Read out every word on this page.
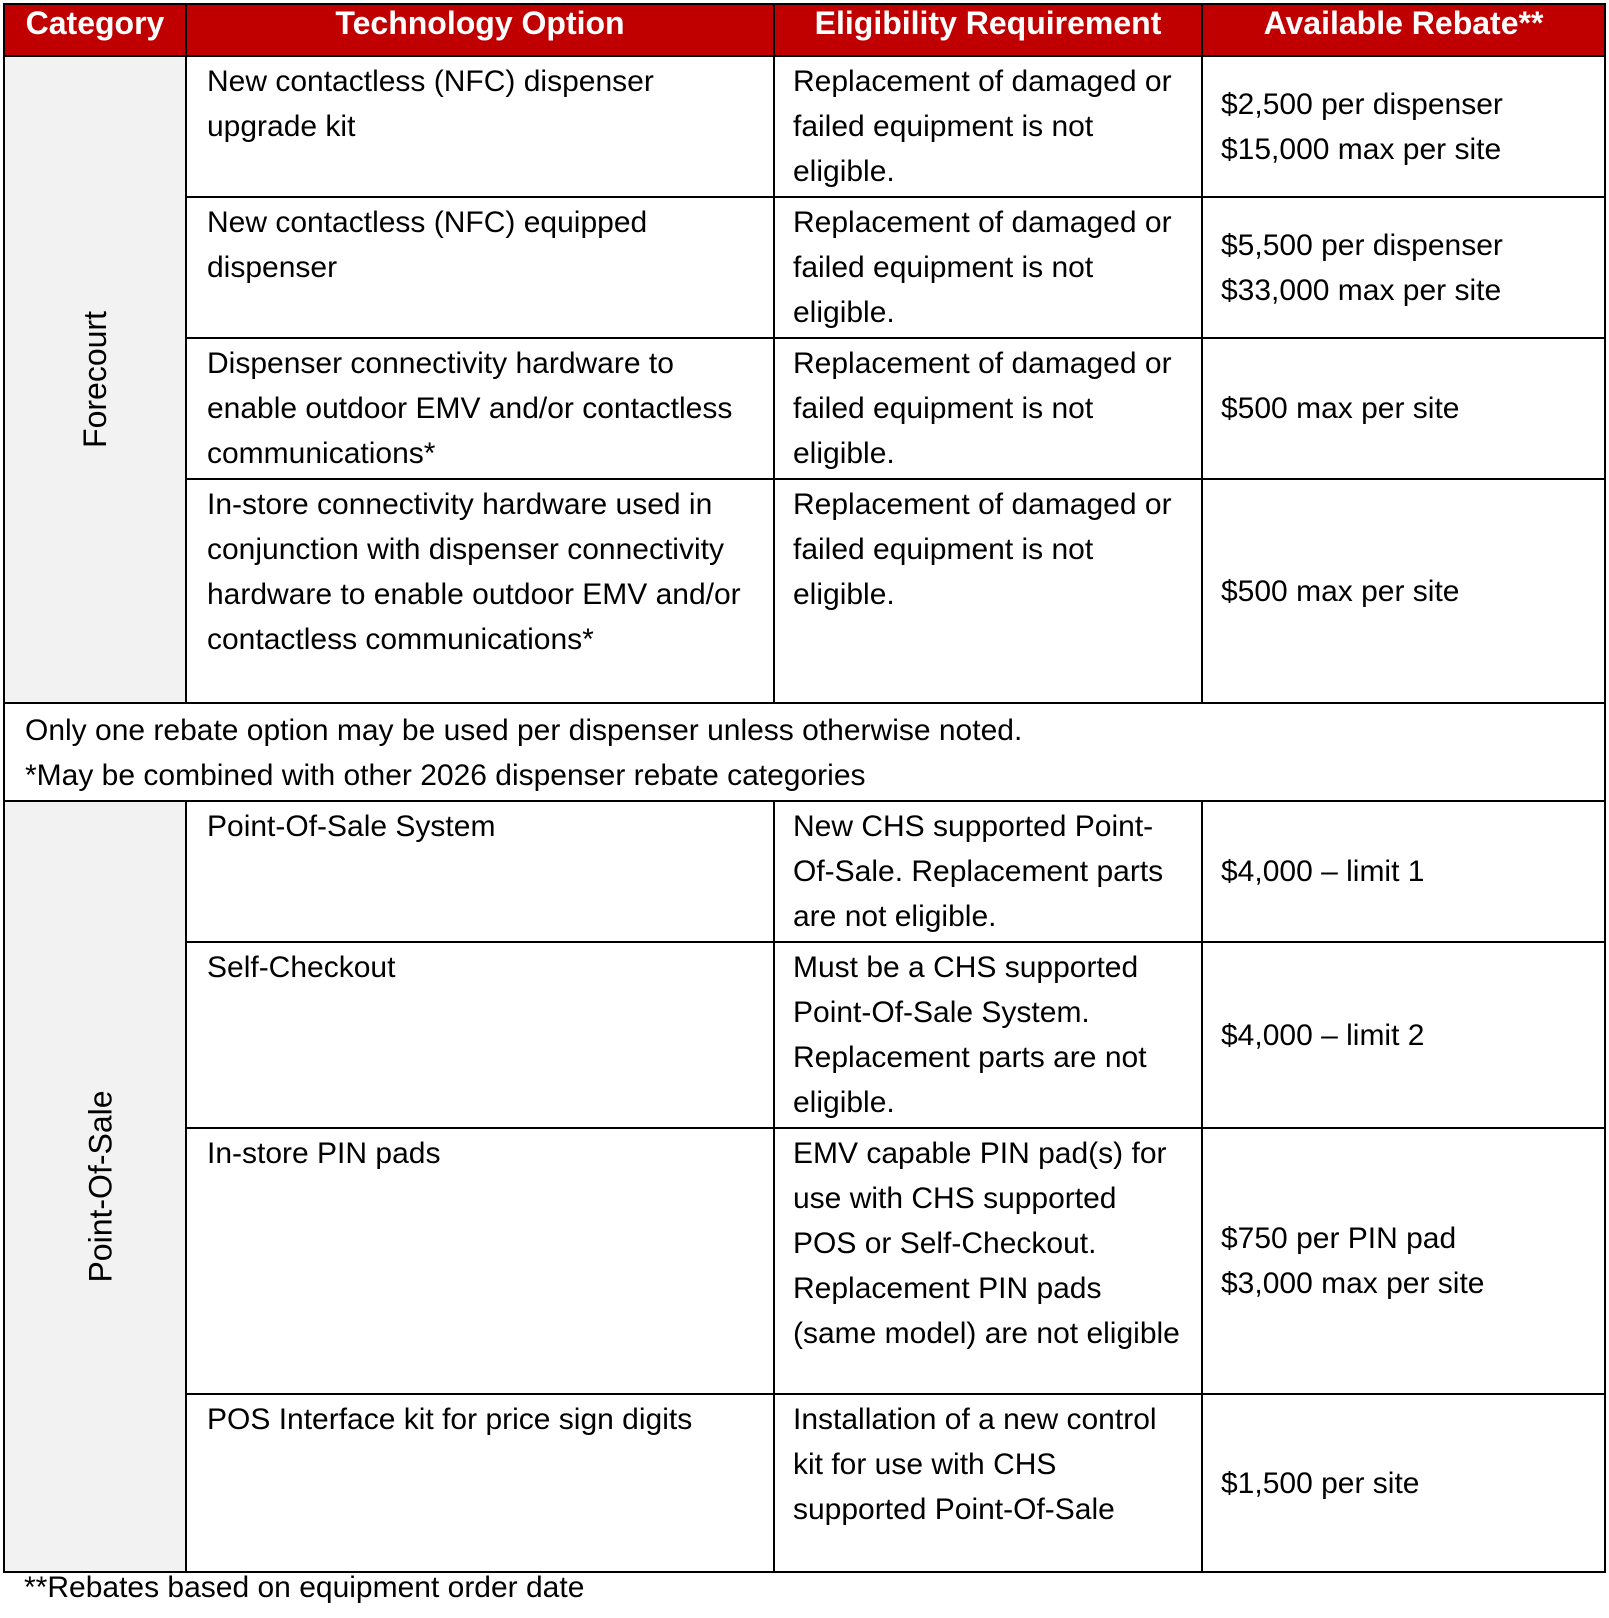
Category	Technology Option	Eligibility Requirement	Available Rebate**
Forecourt	New contactless (NFC) dispenser upgrade kit	Replacement of damaged or failed equipment is not eligible.	$2,500 per dispenser
$15,000 max per site

	New contactless (NFC) equipped dispenser	Replacement of damaged or failed equipment is not eligible.	$5,500 per dispenser
$33,000 max per site

	Dispenser connectivity hardware to enable outdoor EMV and/or contactless communications*	Replacement of damaged or failed equipment is not eligible.	$500 max per site

	In-store connectivity hardware used in conjunction with dispenser connectivity hardware to enable outdoor EMV and/or contactless communications*	Replacement of damaged or failed equipment is not eligible.	$500 max per site

Only one rebate option may be used per dispenser unless otherwise noted.
*May be combined with other 2026 dispenser rebate categories			

Point-Of-Sale	Point-Of-Sale System	New CHS supported Point-Of-Sale. Replacement parts are not eligible.	$4,000 – limit 1

	Self-Checkout	Must be a CHS supported Point-Of-Sale System. Replacement parts are not eligible.	$4,000 – limit 2

	In-store PIN pads	EMV capable PIN pad(s) for use with CHS supported POS or Self-Checkout. Replacement PIN pads (same model) are not eligible	$750 per PIN pad
$3,000 max per site

	POS Interface kit for price sign digits	Installation of a new control kit for use with CHS supported Point-Of-Sale	$1,500 per site
**Rebates based on equipment order date
